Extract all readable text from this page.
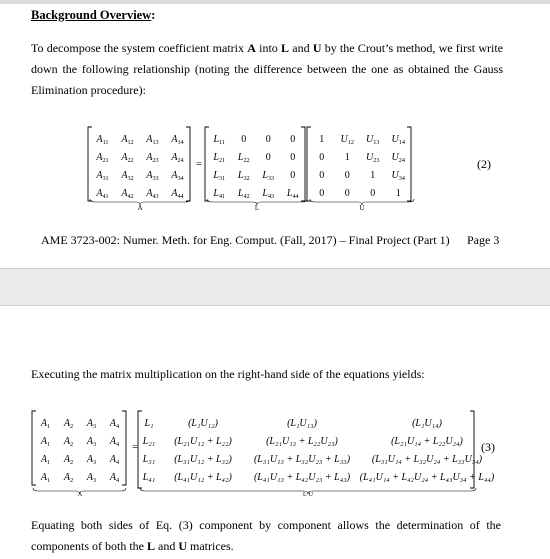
Background Overview:
To decompose the system coefficient matrix A into L and U by the Crout’s method, we first write down the following relationship (noting the difference between the one as obtained the Gauss Elimination procedure):
$A_{11}$ $A_{12}$ $A_{13}$ $A_{14}$
$A_{21}$ $A_{22}$ $A_{23}$ $A_{24}$
$A_{31}$ $A_{32}$ $A_{33}$ $A_{34}$
$A_{41}$ $A_{42}$ $A_{43}$ $A_{44}$
=
$L_{11}$ 0 0 0
$L_{21}$ $L_{22}$ 0 0
$L_{31}$ $L_{32}$ $L_{33}$ 0
$L_{41}$ $L_{42}$ $L_{43}$ $L_{44}$
1 $U_{12}$ $U_{13}$ $U_{14}$
0 1 $U_{23}$ $U_{24}$
0 0 1 $U_{34}$
0 0 0 1
A	L	U
(2)
AME 3723-002: Numer. Meth. for Eng. Comput. (Fall, 2017) – Final Project (Part 1) Page 3
Executing the matrix multiplication on the right-hand side of the equations yields:
$A_1$ $A_2$ $A_3$ $A_4$
$A_1$ $A_2$ $A_3$ $A_4$
$A_1$ $A_2$ $A_3$ $A_4$
$A_1$ $A_2$ $A_3$ $A_4$
=
L₁	(L₁U₁₂)	(L₁U₁₃)	(L₁U₁₄)
L₂₁ (L₂₁U₁₂ + L₂₂)	(L₂₁U₁₃ + L₂₂U₂₃)	(L₂₁U₁₄ + L₂₂U₂₄)
L₃₁ (L₃₁U₁₂ + L₃₂) (L₃₁U₁₃ + L₃₂U₂₃ + L₃₃) (L₃₁U₁₄ + L₃₂U₂₄ + L₃₃U₃₄)
L₄₁ (L₄₁U₁₂ + L₄₂) (L₄₁U₁₃ + L₄₂U₂₃ + L₄₃) (L₄₁U₁₄ + L₄₂U₂₄ + L₄₃U₃₄ + L₄₄)
A	L·U
(3)
Equating both sides of Eq. (3) component by component allows the determination of the components of both the L and U matrices.
